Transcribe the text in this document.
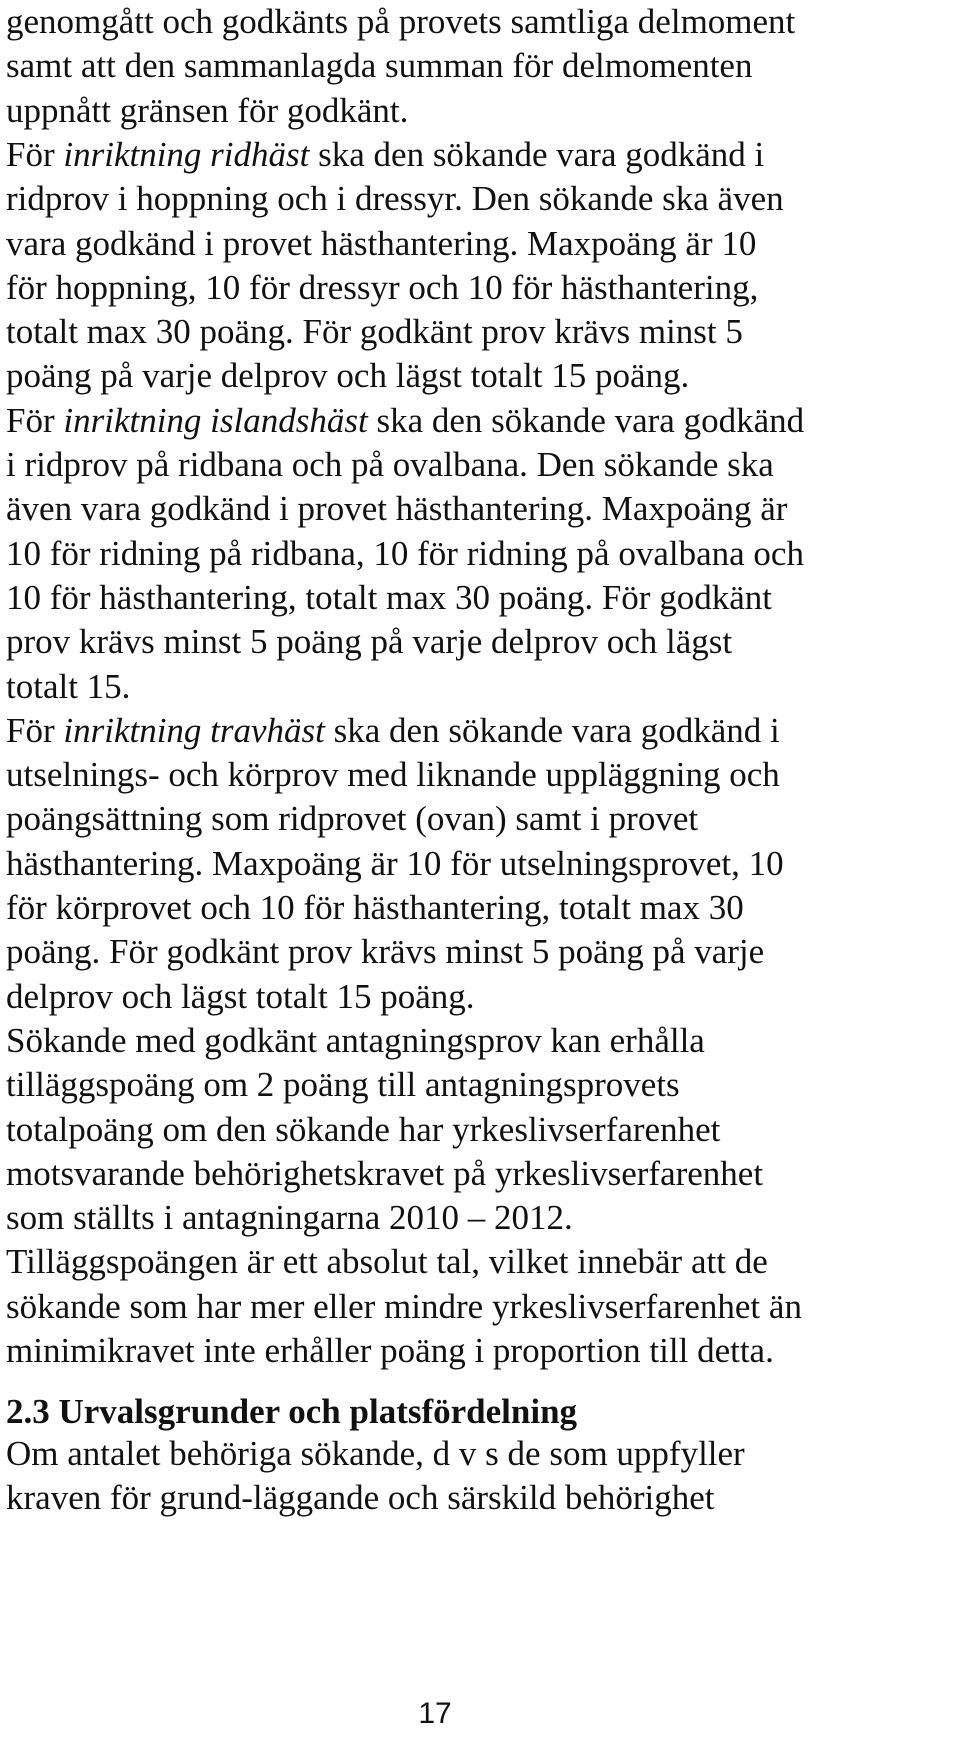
genomgått och godkänts på provets samtliga delmoment
samt att den sammanlagda summan för delmomenten
uppnått gränsen för godkänt.
För inriktning ridhäst ska den sökande vara godkänd i
ridprov i hoppning och i dressyr. Den sökande ska även
vara godkänd i provet hästhantering. Maxpoäng är 10
för hoppning, 10 för dressyr och 10 för hästhantering,
totalt max 30 poäng. För godkänt prov krävs minst 5
poäng på varje delprov och lägst totalt 15 poäng.
För inriktning islandshäst ska den sökande vara godkänd
i ridprov på ridbana och på ovalbana. Den sökande ska
även vara godkänd i provet hästhantering. Maxpoäng är
10 för ridning på ridbana, 10 för ridning på ovalbana och
10 för hästhantering, totalt max 30 poäng. För godkänt
prov krävs minst 5 poäng på varje delprov och lägst
totalt 15.
För inriktning travhäst ska den sökande vara godkänd i
utselnings- och körprov med liknande uppläggning och
poängsättning som ridprovet (ovan) samt i provet
hästhantering. Maxpoäng är 10 för utselningsprovet, 10
för körprovet och 10 för hästhantering, totalt max 30
poäng. För godkänt prov krävs minst 5 poäng på varje
delprov och lägst totalt 15 poäng.
Sökande med godkänt antagningsprov kan erhålla
tilläggspoäng om 2 poäng till antagningsprovets
totalpoäng om den sökande har yrkeslivserfarenhet
motsvarande behörighetskravet på yrkeslivserfarenhet
som ställts i antagningarna 2010 – 2012.
Tilläggspoängen är ett absolut tal, vilket innebär att de
sökande som har mer eller mindre yrkeslivserfarenhet än
minimikravet inte erhåller poäng i proportion till detta.
2.3 Urvalsgrunder och platsfördelning
Om antalet behöriga sökande, d v s de som uppfyller
kraven för grund-läggande och särskild behörighet
17
